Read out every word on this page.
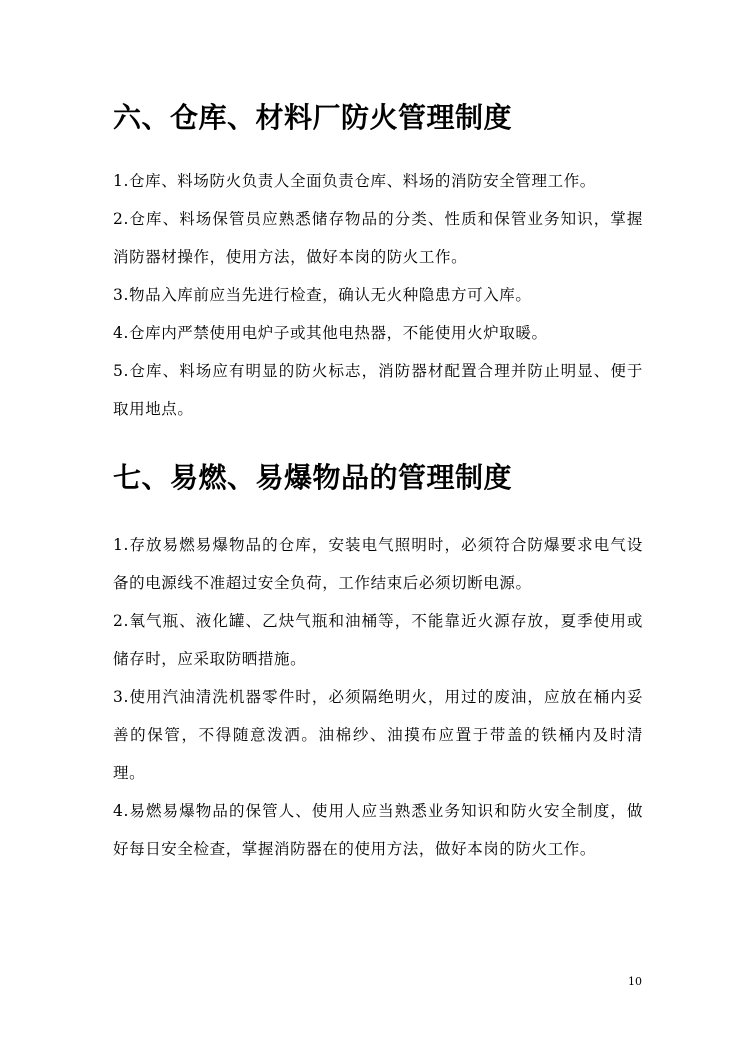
六、仓库、材料厂防火管理制度

1.仓库、料场防火负责人全面负责仓库、料场的消防安全管理工作。

2.仓库、料场保管员应熟悉储存物品的分类、性质和保管业务知识，掌握消防器材操作，使用方法，做好本岗的防火工作。

3.物品入库前应当先进行检查，确认无火种隐患方可入库。

4.仓库内严禁使用电炉子或其他电热器，不能使用火炉取暖。

5.仓库、料场应有明显的防火标志，消防器材配置合理并防止明显、便于取用地点。

七、易燃、易爆物品的管理制度

1.存放易燃易爆物品的仓库，安装电气照明时，必须符合防爆要求电气设备的电源线不准超过安全负荷，工作结束后必须切断电源。

2.氧气瓶、液化罐、乙炔气瓶和油桶等，不能靠近火源存放，夏季使用或储存时，应采取防晒措施。

3.使用汽油清洗机器零件时，必须隔绝明火，用过的废油，应放在桶内妥善的保管，不得随意泼洒。油棉纱、油摸布应置于带盖的铁桶内及时清理。

4.易燃易爆物品的保管人、使用人应当熟悉业务知识和防火安全制度，做好每日安全检查，掌握消防器在的使用方法，做好本岗的防火工作。

10
